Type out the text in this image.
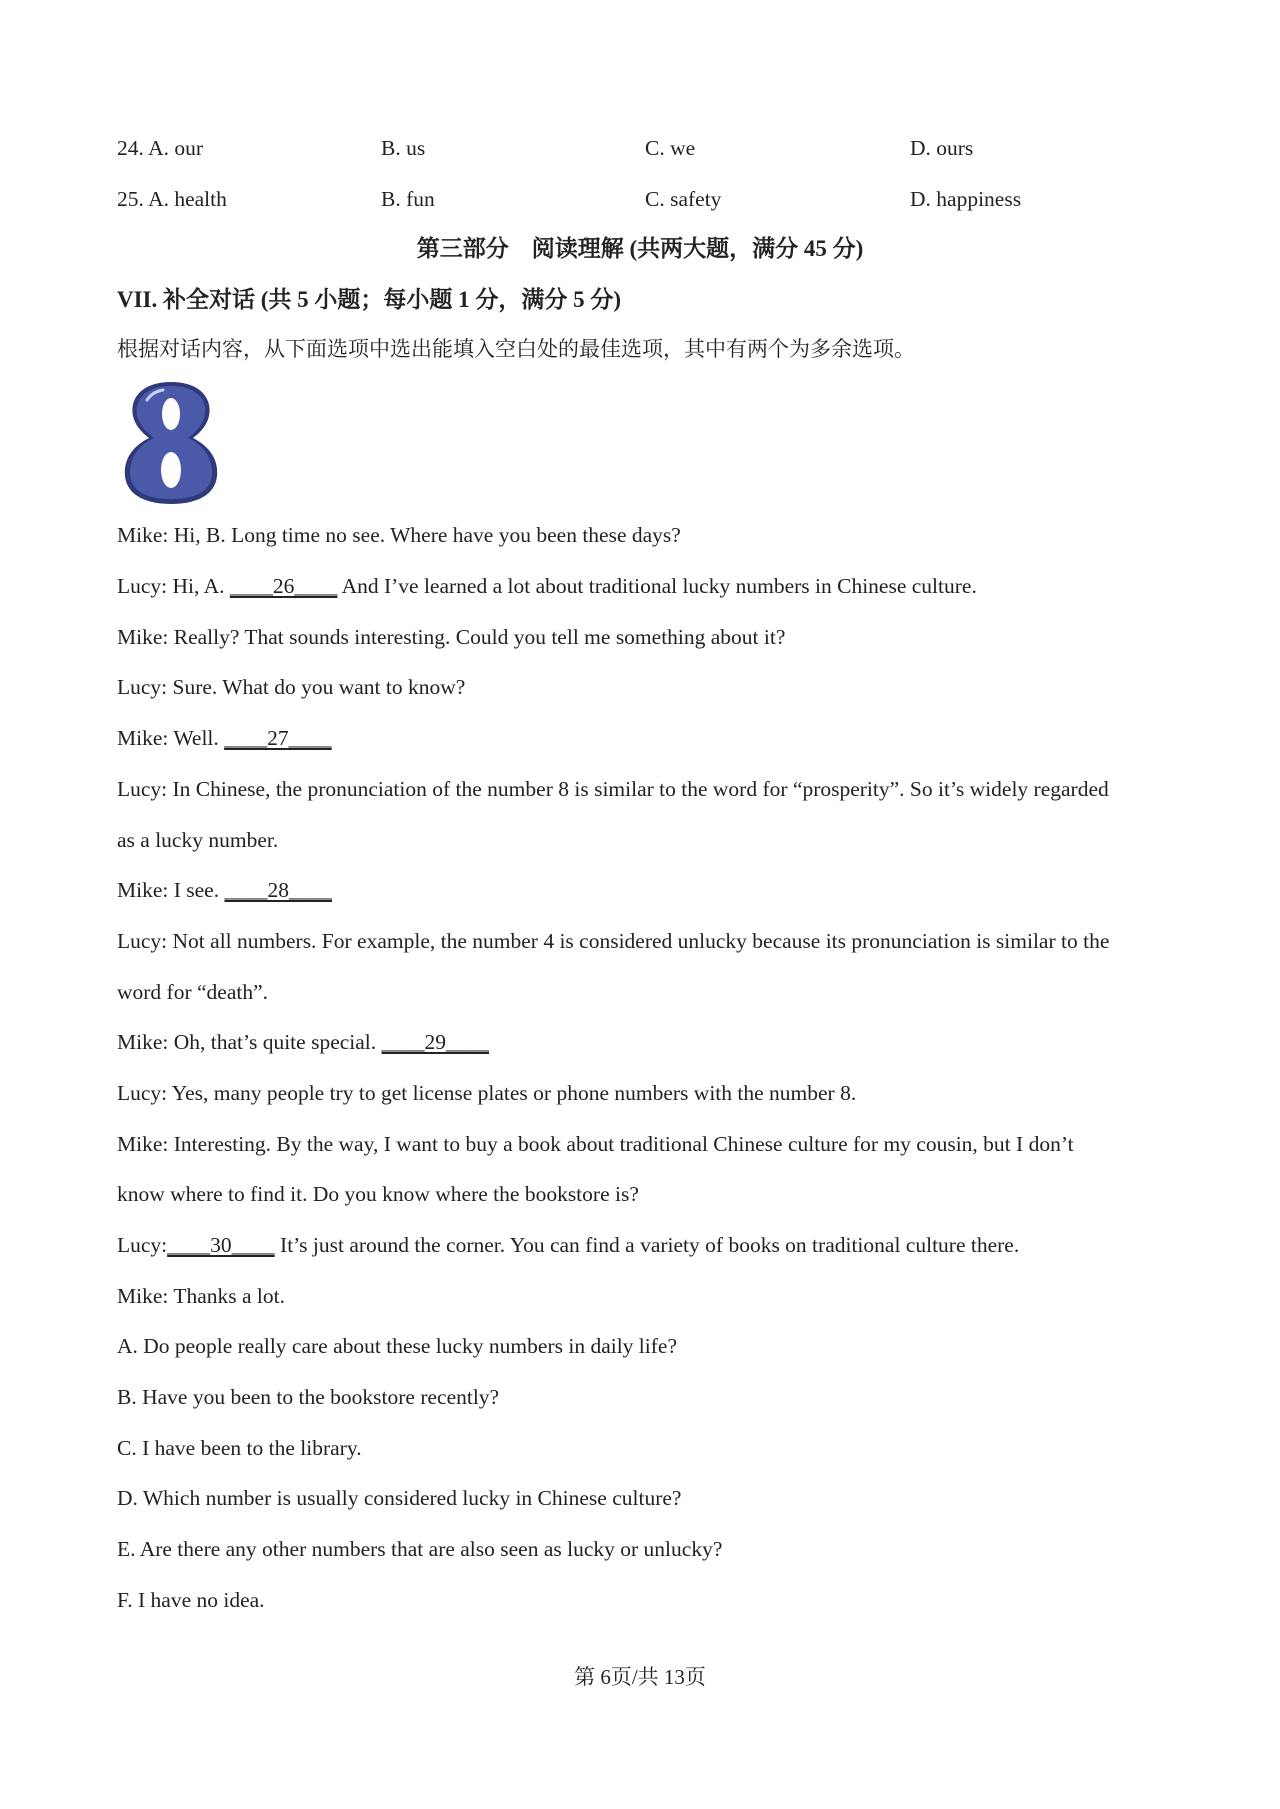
24. A. our	B. us	C. we	D. ours
25. A. health	B. fun	C. safety	D. happiness
第三部分　阅读理解 (共两大题，满分 45 分)
VII. 补全对话 (共 5 小题；每小题 1 分，满分 5 分)
根据对话内容，从下面选项中选出能填入空白处的最佳选项，其中有两个为多余选项。
8
Mike: Hi, B. Long time no see. Where have you been these days?
Lucy: Hi, A. ____26____ And I’ve learned a lot about traditional lucky numbers in Chinese culture.
Mike: Really? That sounds interesting. Could you tell me something about it?
Lucy: Sure. What do you want to know?
Mike: Well. ____27____
Lucy: In Chinese, the pronunciation of the number 8 is similar to the word for “prosperity”. So it’s widely regarded
as a lucky number.
Mike: I see. ____28____
Lucy: Not all numbers. For example, the number 4 is considered unlucky because its pronunciation is similar to the
word for “death”.
Mike: Oh, that’s quite special. ____29____
Lucy: Yes, many people try to get license plates or phone numbers with the number 8.
Mike: Interesting. By the way, I want to buy a book about traditional Chinese culture for my cousin, but I don’t
know where to find it. Do you know where the bookstore is?
Lucy:____30____ It’s just around the corner. You can find a variety of books on traditional culture there.
Mike: Thanks a lot.
A. Do people really care about these lucky numbers in daily life?
B. Have you been to the bookstore recently?
C. I have been to the library.
D. Which number is usually considered lucky in Chinese culture?
E. Are there any other numbers that are also seen as lucky or unlucky?
F. I have no idea.
第 6页/共 13页
